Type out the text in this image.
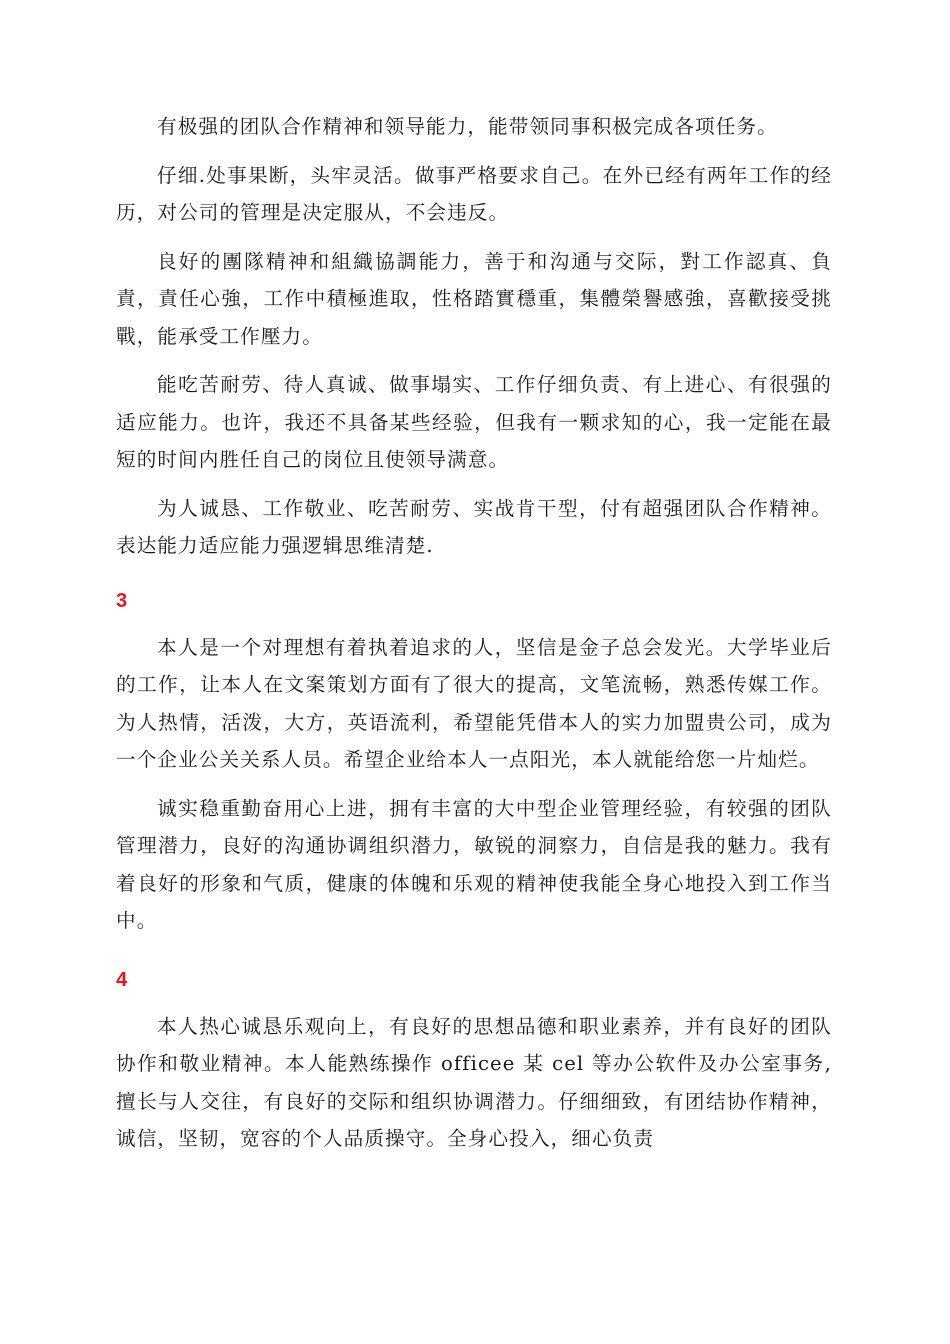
有极强的团队合作精神和领导能力，能带领同事积极完成各项任务。

仔细.处事果断，头牢灵活。做事严格要求自己。在外已经有两年工作的经历，对公司的管理是决定服从，不会违反。

良好的團隊精神和組織協調能力，善于和沟通与交际，對工作認真、負責，責任心強，工作中積極進取，性格踏實穩重，集體榮譽感強，喜歡接受挑戰，能承受工作壓力。

能吃苦耐劳、待人真诚、做事塌实、工作仔细负责、有上进心、有很强的适应能力。也许，我还不具备某些经验，但我有一颗求知的心，我一定能在最短的时间内胜任自己的岗位且使领导满意。

为人诚恳、工作敬业、吃苦耐劳、实战肯干型，付有超强团队合作精神。表达能力适应能力强逻辑思维清楚.

3

本人是一个对理想有着执着追求的人，坚信是金子总会发光。大学毕业后的工作，让本人在文案策划方面有了很大的提高，文笔流畅，熟悉传媒工作。为人热情，活泼，大方，英语流利，希望能凭借本人的实力加盟贵公司，成为一个企业公关关系人员。希望企业给本人一点阳光，本人就能给您一片灿烂。

诚实稳重勤奋用心上进，拥有丰富的大中型企业管理经验，有较强的团队管理潜力，良好的沟通协调组织潜力，敏锐的洞察力，自信是我的魅力。我有着良好的形象和气质，健康的体魄和乐观的精神使我能全身心地投入到工作当中。

4

本人热心诚恳乐观向上，有良好的思想品德和职业素养，并有良好的团队协作和敬业精神。本人能熟练操作 officee 某 cel 等办公软件及办公室事务,擅长与人交往，有良好的交际和组织协调潜力。仔细细致，有团结协作精神，诚信，坚韧，宽容的个人品质操守。全身心投入，细心负责
